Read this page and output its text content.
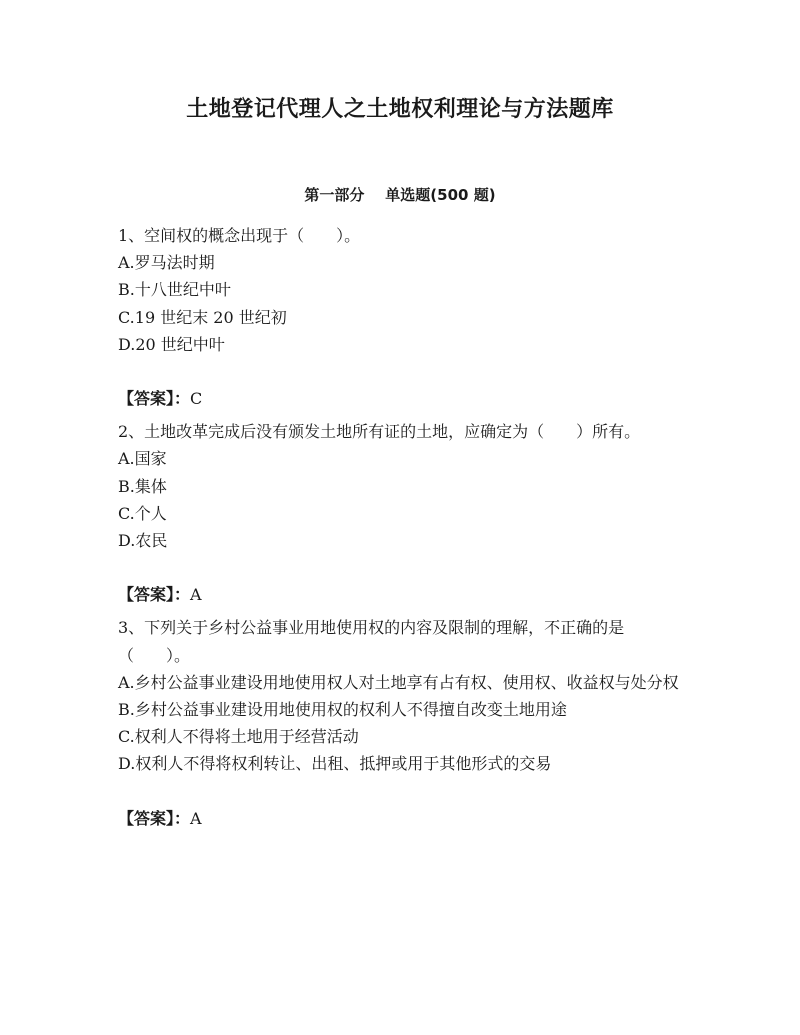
土地登记代理人之土地权利理论与方法题库
第一部分    单选题(500 题)

1、空间权的概念出现于（　　）。

A.罗马法时期

B.十八世纪中叶

C.19 世纪末 20 世纪初

D.20 世纪中叶

【答案】：C

2、土地改革完成后没有颁发土地所有证的土地，应确定为（　　）所有。

A.国家

B.集体

C.个人

D.农民

【答案】：A

3、下列关于乡村公益事业用地使用权的内容及限制的理解，不正确的是（　　）。

A.乡村公益事业建设用地使用权人对土地享有占有权、使用权、收益权与处分权

B.乡村公益事业建设用地使用权的权利人不得擅自改变土地用途

C.权利人不得将土地用于经营活动

D.权利人不得将权利转让、出租、抵押或用于其他形式的交易

【答案】：A
